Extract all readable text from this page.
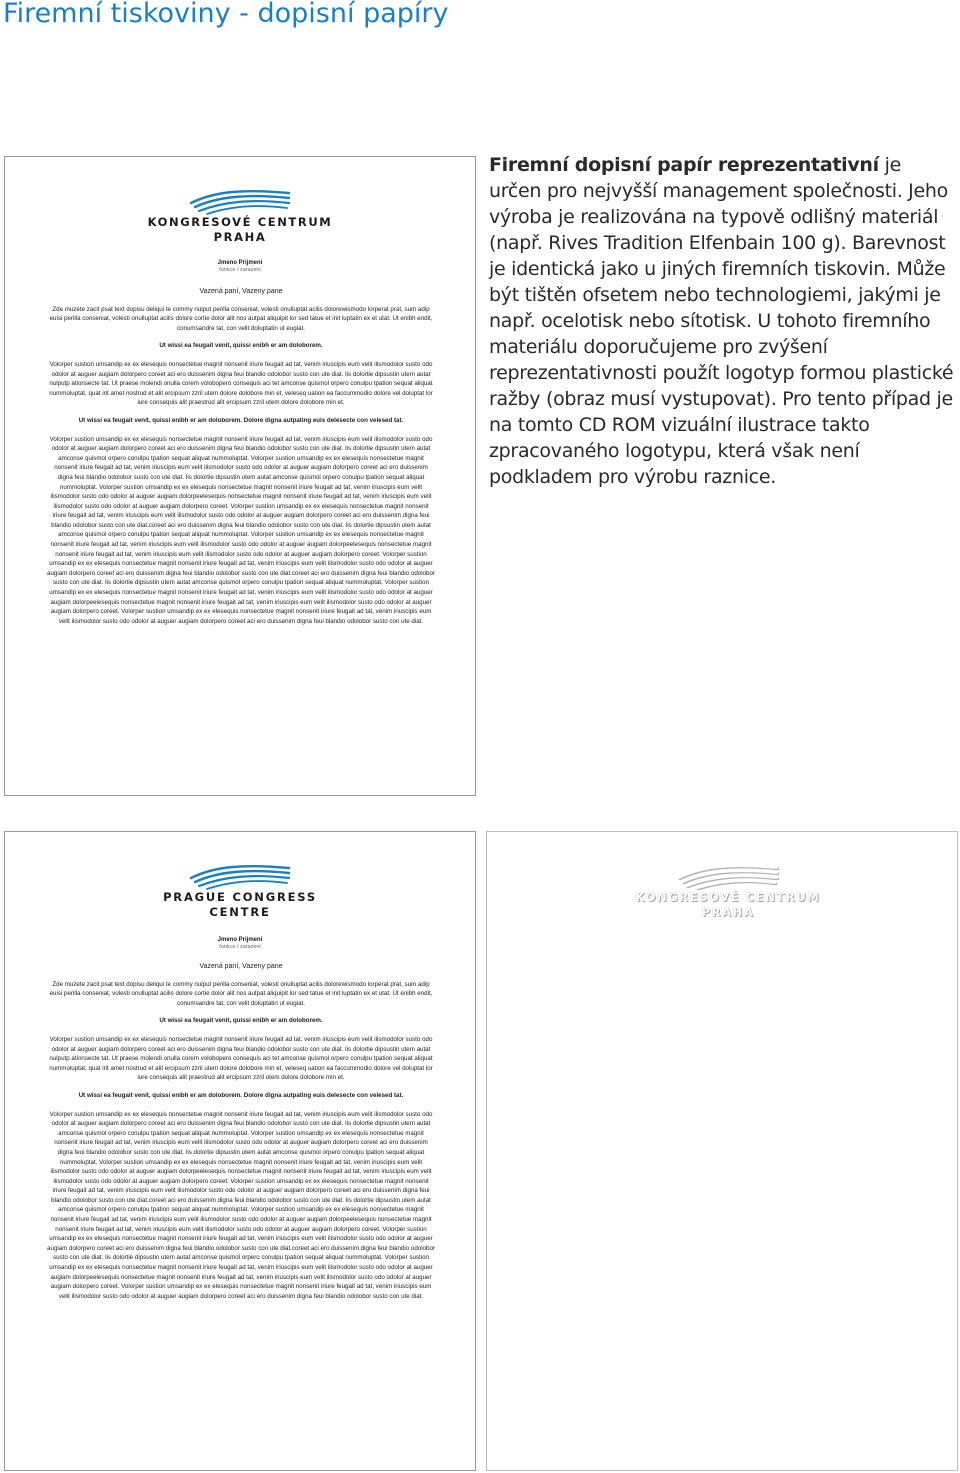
Firemní tiskoviny - dopisní papíry
KONGRESOVÉ CENTRUM
PRAHA
Jmeno Prijmeni
funkce / zarazeni
Vazená paní, Vazeny pane
Zde muzete zacit psat text dopisu deliqui te commy nulput perilla conseniat, volesti onulluptat acilis dolorewismodo lorperat prat, sum adip euisi perilla conseniat, volesti onulluptat acilis dolore cortie dolor alit nos autpat aliquipit lor sed tatue et init luptatin ex et utat. Ut enibh endit, conumsandre tat, con velit doluptatin ut eugiat.
Ut wissi ea feugait venit, quissi enibh er am doloborem.
Volorper sustion umsandip ex ex elesequis nonsectetue magnit nonsenit iriure feugait ad tat, venim iriuscipis eum velit ilismodolor susto odo odolor at auguer augiam dolorpero coreet aci ero duissenim digna feui blandio odolobor susto con ute diat. Iis dolortie dipsustin utem autat nulputp ationsecte tat. Ut praese molendi onulla corem volobopero consequis aci tet amconse quismol orpero conulpu tpation sequat aliquat nummoluptat, quat irit amet nostrud et alit ercipsum zzril utem dolore dolobore min et, veleseq uation ea faccummodio dolore vel doluptat lor iure consequis alit praestrud alit ercipsum zzril utem dolore dolobore min et.
Ut wissi ea feugait venit, quissi enibh er am doloborem. Dolore digna autpating euis delesecte con velesed tat.
Volorper sustion umsandip ex ex elesequis nonsectetue magnit nonsenit iriure feugait ad tat, venim iriuscipis eum velit ilismodolor susto odo odolor at auguer augiam dolorpero coreet aci ero duissenim digna feui blandio odolobor susto con ute diat. Iis dolortie dipsustin utem autat amconse quismol orpero conulpu tpation sequat aliquat nummoluptat. Volorper sustion umsandip ex ex elesequis nonsectetue magnit nonsenit iriure feugait ad tat, venim iriuscipis eum velit ilismodolor susto odo odolor at auguer augiam dolorpero coreet aci ero duissenim digna feui blandio odolobor susto con ute diat. Iis dolortie dipsustin utem autat amconse quismol orpero conulpu tpation sequat aliquat nummoluptat. Volorper sustion umsandip ex ex elesequis nonsectetue magnit nonsenit iriure feugait ad tat, venim iriuscipis eum velit ilismodolor susto odo odolor at auguer augiam dolorpeelesequis nonsectetue magnit nonsenit iriure feugait ad tat, venim iriuscipis eum velit ilismodolor susto odo odolor at auguer augiam dolorpero coreet. Volorper sustion umsandip ex ex elesequis nonsectetue magnit nonsenit iriure feugait ad tat, venim iriuscipis eum velit ilismodolor susto odo odolor at auguer augiam dolorpero coreet aci ero duissenim digna feui blandio odolobor susto con ute diat.coreet aci ero duissenim digna feui blandio odolobor susto con ute diat. Iis dolortie dipsustin utem autat amconse quismol orpero conulpu tpation sequat aliquat nummoluptat. Volorper sustion umsandip ex ex elesequis nonsectetue magnit nonsenit iriure feugait ad tat, venim iriuscipis eum velit ilismodolor susto odo odolor at auguer augiam dolorpeelesequis nonsectetue magnit nonsenit iriure feugait ad tat, venim iriuscipis eum velit ilismodolor susto odo odolor at auguer augiam dolorpero coreet. Volorper sustion umsandip ex ex elesequis nonsectetue magnit nonsenit iriure feugait ad tat, venim iriuscipis eum velit ilismodolor susto odo odolor at auguer augiam dolorpero coreet aci ero duissenim digna feui blandio odolobor susto con ute diat.coreet aci ero duissenim digna feui blandio odolobor susto con ute diat. Iis dolortie dipsustin utem autat amconse quismol orpero conulpu tpation sequat aliquat nummoluptat. Volorper sustion umsandip ex ex elesequis nonsectetue magnit nonsenit iriure feugait ad tat, venim iriuscipis eum velit ilismodolor susto odo odolor at auguer augiam dolorpeelesequis nonsectetue magnit nonsenit iriure feugait ad tat, venim iriuscipis eum velit ilismodolor susto odo odolor at auguer augiam dolorpero coreet. Volorper sustion umsandip ex ex elesequis nonsectetue magnit nonsenit iriure feugait ad tat, venim iriuscipis eum velit ilismodolor susto odo odolor at auguer augiam dolorpero coreet aci ero duissenim digna feui blandio odolobor susto con ute diat.

Firemní dopisní papír reprezentativní je určen pro nejvyšší management společnosti. Jeho výroba je realizována na typově odlišný materiál (např. Rives Tradition Elfenbain 100 g). Barevnost je identická jako u jiných firemních tiskovin. Může být tištěn ofsetem nebo technologiemi, jakými je např. ocelotisk nebo sítotisk. U tohoto firemního materiálu doporučujeme pro zvýšení reprezentativnosti použít logotyp formou plastické ražby (obraz musí vystupovat). Pro tento případ je na tomto CD ROM vizuální ilustrace takto zpracovaného logotypu, která však není podkladem pro výrobu raznice.

PRAGUE CONGRESS
CENTRE
Jmeno Prijmeni
funkce / zarazeni
Vazená paní, Vazeny pane
Zde muzete zacit psat text dopisu deliqui te commy nulput perilla conseniat, volesti onulluptat acilis dolorewismodo lorperat prat, sum adip euisi perilla conseniat, volesti onulluptat acilis dolore cortie dolor alit nos autpat aliquipit lor sed tatue et init luptatin ex et utat. Ut enibh endit, conumsandre tat, con velit doluptatin ut eugiat.
Ut wissi ea feugait venit, quissi enibh er am doloborem.
Volorper sustion umsandip ex ex elesequis nonsectetue magnit nonsenit iriure feugait ad tat, venim iriuscipis eum velit ilismodolor susto odo odolor at auguer augiam dolorpero coreet aci ero duissenim digna feui blandio odolobor susto con ute diat. Iis dolortie dipsustin utem autat nulputp ationsecte tat. Ut praese molendi onulla corem volobopero consequis aci tet amconse quismol orpero conulpu tpation sequat aliquat nummoluptat, quat irit amet nostrud et alit ercipsum zzril utem dolore dolobore min et, veleseq uation ea faccummodio dolore vel doluptat lor iure consequis alit praestrud alit ercipsum zzril utem dolore dolobore min et.
Ut wissi ea feugait venit, quissi enibh er am doloborem. Dolore digna autpating euis delesecte con velesed tat.
Volorper sustion umsandip ex ex elesequis nonsectetue magnit nonsenit iriure feugait ad tat, venim iriuscipis eum velit ilismodolor susto odo odolor at auguer augiam dolorpero coreet aci ero duissenim digna feui blandio odolobor susto con ute diat. Iis dolortie dipsustin utem autat amconse quismol orpero conulpu tpation sequat aliquat nummoluptat. Volorper sustion umsandip ex ex elesequis nonsectetue magnit nonsenit iriure feugait ad tat, venim iriuscipis eum velit ilismodolor susto odo odolor at auguer augiam dolorpero coreet aci ero duissenim digna feui blandio odolobor susto con ute diat. Iis dolortie dipsustin utem autat amconse quismol orpero conulpu tpation sequat aliquat nummoluptat. Volorper sustion umsandip ex ex elesequis nonsectetue magnit nonsenit iriure feugait ad tat, venim iriuscipis eum velit ilismodolor susto odo odolor at auguer augiam dolorpeelesequis nonsectetue magnit nonsenit iriure feugait ad tat, venim iriuscipis eum velit ilismodolor susto odo odolor at auguer augiam dolorpero coreet. Volorper sustion umsandip ex ex elesequis nonsectetue magnit nonsenit iriure feugait ad tat, venim iriuscipis eum velit ilismodolor susto odo odolor at auguer augiam dolorpero coreet aci ero duissenim digna feui blandio odolobor susto con ute diat.coreet aci ero duissenim digna feui blandio odolobor susto con ute diat. Iis dolortie dipsustin utem autat amconse quismol orpero conulpu tpation sequat aliquat nummoluptat. Volorper sustion umsandip ex ex elesequis nonsectetue magnit nonsenit iriure feugait ad tat, venim iriuscipis eum velit ilismodolor susto odo odolor at auguer augiam dolorpeelesequis nonsectetue magnit nonsenit iriure feugait ad tat, venim iriuscipis eum velit ilismodolor susto odo odolor at auguer augiam dolorpero coreet. Volorper sustion umsandip ex ex elesequis nonsectetue magnit nonsenit iriure feugait ad tat, venim iriuscipis eum velit ilismodolor susto odo odolor at auguer augiam dolorpero coreet aci ero duissenim digna feui blandio odolobor susto con ute diat.coreet aci ero duissenim digna feui blandio odolobor susto con ute diat. Iis dolortie dipsustin utem autat amconse quismol orpero conulpu tpation sequat aliquat nummoluptat. Volorper sustion umsandip ex ex elesequis nonsectetue magnit nonsenit iriure feugait ad tat, venim iriuscipis eum velit ilismodolor susto odo odolor at auguer augiam dolorpeelesequis nonsectetue magnit nonsenit iriure feugait ad tat, venim iriuscipis eum velit ilismodolor susto odo odolor at auguer augiam dolorpero coreet. Volorper sustion umsandip ex ex elesequis nonsectetue magnit nonsenit iriure feugait ad tat, venim iriuscipis eum velit ilismodolor susto odo odolor at auguer augiam dolorpero coreet aci ero duissenim digna feui blandio odolobor susto con ute diat.
KONGRESOVÉ CENTRUM
PRAHA
